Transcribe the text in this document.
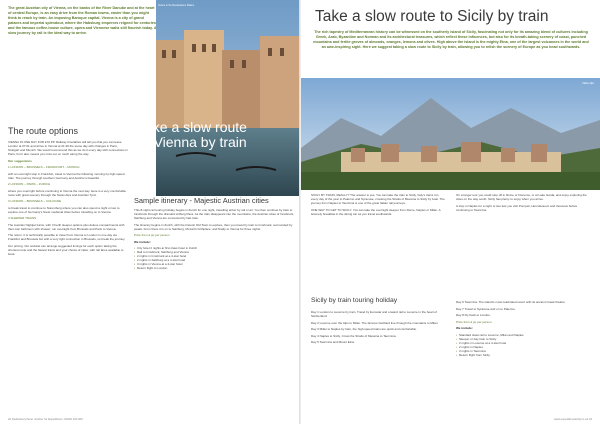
The great Austrian city of Vienna, on the banks of the River Danube and at the heart of central Europe, is an easy drive from the Roman towns, easier than you might think to reach by train. An imposing Baroque capital, Vienna is a city of grand palaces and imperial splendour, where the Habsburg emperors reigned for centuries and the famous coffee-house culture, opera and Viennese waltz still flourish today. A slow journey by rail is the ideal way to arrive.
Venice in the Renaissance Palace
The route options

VIENNA IN ONE DAY FOR £70 PP. Railway timetables will tell you that you can leave London at 07:01 and arrive in Vienna at 21:30 the same day with changes in Paris, Stuttgart and Munich. We would recommend this as we do it every day with connections in Paris, but it also means you miss out on much along the way.

Our suggestions

1 LONDON – BRUSSELS – FRANKFURT – MUNICH

with an overnight stop in Frankfurt, travel to Vienna the following morning by high-speed train. The journey through southern Germany and Austria is beautiful.

2 LONDON – PARIS – ZURICH

where you overnight before continuing to Vienna the next day. Here is a very comfortable route with great scenery through the Swiss Alps and Austrian Tyrol.

3 LONDON – BRUSSELS – COLOGNE

to break travel to continue to Nuremberg where you can also spend a night or two to explore one of Germany's finest medieval cities before travelling on to Vienna.

4 SLEEPER TRAINS

The Austrian Nightjet trains, with 3 berth sleeper options plus deluxe compartments with their own bathroom with shower, run overnight from Brussels and Paris to Vienna.

The return. It is technically possible to travel from Vienna to London in one day via Frankfurt and Brussels but with a very tight connection in Brussels, so break the journey.

Our pricing. Our website can arrange suggested timings for each option taking the shortest route and the fastest trains and your choice of class, with rail fares available to book.

Take a slow route to Vienna by train
Sample itinerary - Majestic Austrian cities

This 8-night rail touring holiday begins in Zurich for one night, travelling either by rail or air. You then continue by train to Innsbruck through the dramatic Arlberg Pass. As the train disappears into the mountains, the Austrian cities of Innsbruck, Salzburg and Vienna are connected by fast train.

The itinerary begins in Zurich, with the historic Old Town to explore, then you travel by train to Innsbruck, surrounded by peaks. From there it is on to Salzburg, Mozart's birthplace, and finally to Vienna for three nights.

Price from £ pp per person

We include:

• City hotel 2 nights at first class hotel in Zurich
• Rail to Innsbruck, Salzburg and Vienna
• 2 nights in Innsbruck at a 4-star hotel
• 2 nights in Salzburg at a 4-star hotel
• 3 nights in Vienna at a 4-star hotel
• Return flight to London
22 Dedicated phone number for Expeditions: 01600 100 000
Take a slow route to Sicily by train
The rich tapestry of Mediterranean history can be witnessed on the southerly island of Sicily, fascinating not only for its amazing blend of cultures including Greek, Arab, Byzantine and Norman and its architectural treasures, which reflect these influences, but also for its breath-taking scenery of coast, punched mountains and fertile groves of almonds, oranges, lemons and olives. High above the island is the mighty Etna, one of the largest volcanoes in the world and an awe-inspiring sight. Here we suggest taking a slow route to Sicily by train, allowing you to relish the scenery of Europe as you head southwards.
Italian Alps

SICILY BY TRAIN, REALLY? The answer is yes. You can take the train to Sicily. Italy's trains run every day of the year to Palermo and Syracuse, crossing the Straits of Messina to Sicily by boat. The journey from Naples to Taormina is one of the great Italian rail journeys.

ONE WAY TO GET TO SICILY. You can take the overnight sleeper from Rome, Naples or Milan. A leisurely breakfast in the dining car as you travel southwards.

On a longer tour you could stop off in Rome or Florence, or at Lake Garda, and enjoy exploring the cities on the way south. Sicily has plenty to enjoy when you arrive.

A stop in Naples for a night or two lets you visit Pompeii, Herculaneum and Vesuvius before continuing to Taormina.

Sicily by train touring holiday

Day 1 London to Lucerne by train. Travel by Eurostar and onward rail to Lucerne in the heart of Switzerland.

Day 2 Lucerne over the Alps to Milan. The famous Gotthard line through the mountains to Milan.

Day 3 Milan to Naples by train, the high-speed trains are quick and comfortable.

Day 4 Naples to Sicily. Cross the Straits of Messina to Taormina.

Day 5 Taormina and Mount Etna.

Day 6 Taormina. The island's most celebrated resort with its ancient Greek theatre.

Day 7 Travel to Syracuse and on to Palermo.

Day 8 Fly back to London.

Price from £ pp per person

We include:

• Standard class rail to Lucerne, Milan and Naples
• Sleeper or day train to Sicily
• 2 nights in Lucerne at a 4-star hotel
• 2 nights in Naples
• 3 nights in Taormina
• Return flight from Sicily
www.expeditionssicily.co.uk 23
